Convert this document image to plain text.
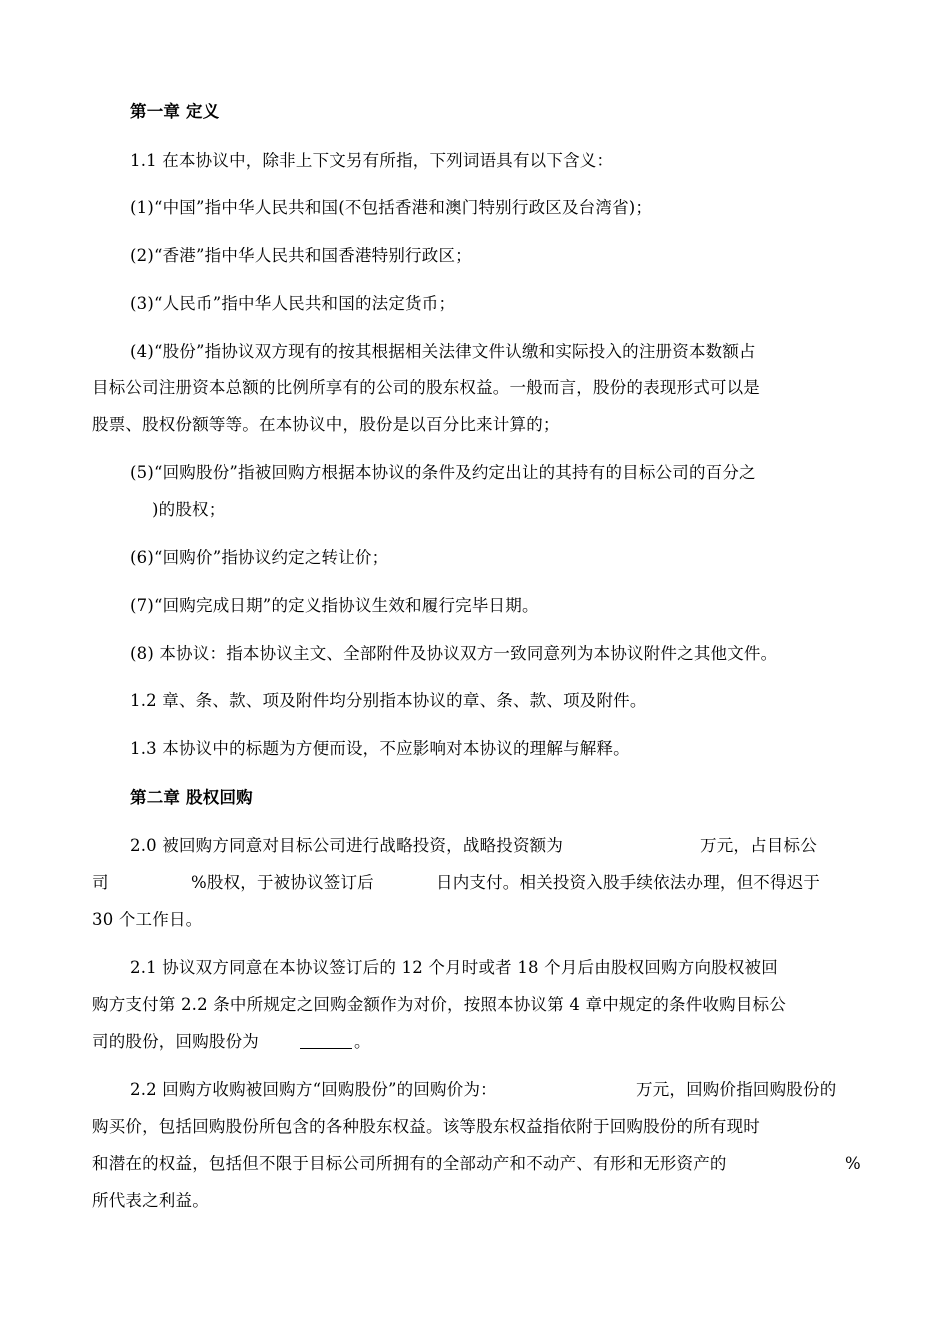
第一章 定义
1.1 在本协议中，除非上下文另有所指，下列词语具有以下含义：
(1)“中国”指中华人民共和国(不包括香港和澳门特别行政区及台湾省)；
(2)“香港”指中华人民共和国香港特别行政区；
(3)“人民币”指中华人民共和国的法定货币；
(4)“股份”指协议双方现有的按其根据相关法律文件认缴和实际投入的注册资本数额占
目标公司注册资本总额的比例所享有的公司的股东权益。一般而言，股份的表现形式可以是
股票、股权份额等等。在本协议中，股份是以百分比来计算的；
(5)“回购股份”指被回购方根据本协议的条件及约定出让的其持有的目标公司的百分之
)的股权；
(6)“回购价”指协议约定之转让价；
(7)“回购完成日期”的定义指协议生效和履行完毕日期。
(8) 本协议：指本协议主文、全部附件及协议双方一致同意列为本协议附件之其他文件。
1.2 章、条、款、项及附件均分别指本协议的章、条、款、项及附件。
1.3 本协议中的标题为方便而设，不应影响对本协议的理解与解释。
第二章 股权回购
2.0 被回购方同意对目标公司进行战略投资，战略投资额为	万元，占目标公
司	%股权，于被协议签订后	日内支付。相关投资入股手续依法办理，但不得迟于
30 个工作日。
2.1 协议双方同意在本协议签订后的 12 个月时或者 18 个月后由股权回购方向股权被回
购方支付第 2.2 条中所规定之回购金额作为对价，按照本协议第 4 章中规定的条件收购目标公
司的股份，回购股份为	。
2.2 回购方收购被回购方“回购股份”的回购价为：	万元，回购价指回购股份的
购买价，包括回购股份所包含的各种股东权益。该等股东权益指依附于回购股份的所有现时
和潜在的权益，包括但不限于目标公司所拥有的全部动产和不动产、有形和无形资产的	%
所代表之利益。
